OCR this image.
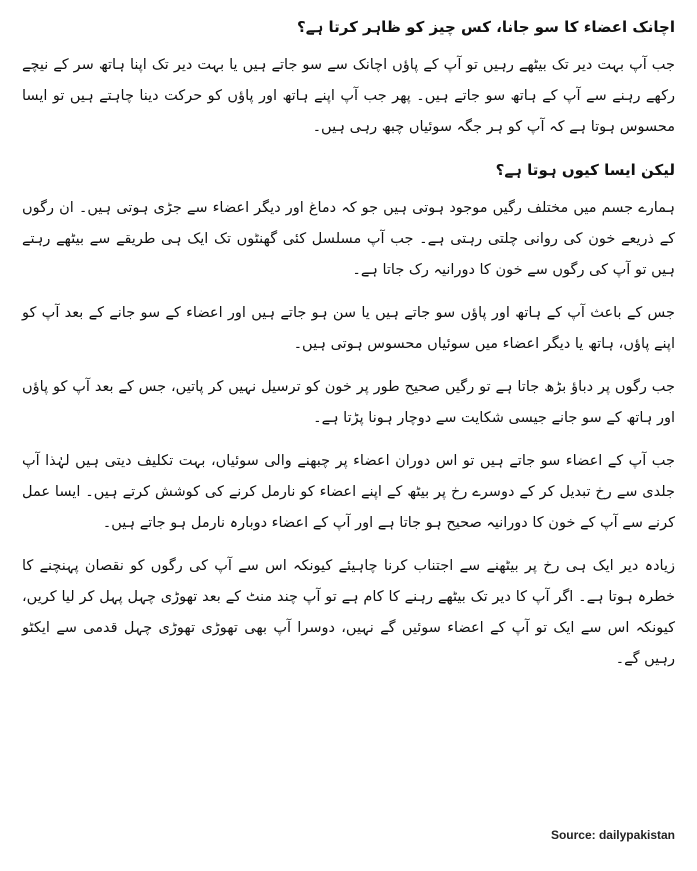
اچانک اعضاء کا سو جانا، کس چیز کو ظاہر کرتا ہے؟
جب آپ بہت دیر تک بیٹھے رہیں تو آپ کے پاؤں اچانک سے سو جاتے ہیں یا بہت دیر تک اپنا ہاتھ سر کے نیچے رکھے رہنے سے آپ کے ہاتھ سو جاتے ہیں۔ پھر جب آپ اپنے ہاتھ اور پاؤں کو حرکت دینا چاہتے ہیں تو ایسا محسوس ہوتا ہے کہ آپ کو ہر جگہ سوئیاں چبھ رہی ہیں۔
لیکن ایسا کیوں ہوتا ہے؟
ہمارے جسم میں مختلف رگیں موجود ہوتی ہیں جو کہ دماغ اور دیگر اعضاء سے جڑی ہوتی ہیں۔ ان رگوں کے ذریعے خون کی روانی چلتی رہتی ہے۔ جب آپ مسلسل کئی گھنٹوں تک ایک ہی طریقے سے بیٹھے رہتے ہیں تو آپ کی رگوں سے خون کا دورانیہ رک جاتا ہے۔
جس کے باعث آپ کے ہاتھ اور پاؤں سو جاتے ہیں یا سن ہو جاتے ہیں اور اعضاء کے سو جانے کے بعد آپ کو اپنے پاؤں، ہاتھ یا دیگر اعضاء میں سوئیاں محسوس ہوتی ہیں۔
جب رگوں پر دباؤ بڑھ جاتا ہے تو رگیں صحیح طور پر خون کو ترسیل نہیں کر پاتیں، جس کے بعد آپ کو پاؤں اور ہاتھ کے سو جانے جیسی شکایت سے دوچار ہونا پڑتا ہے۔
جب آپ کے اعضاء سو جاتے ہیں تو اس دوران اعضاء پر چبھنے والی سوئیاں، بہت تکلیف دیتی ہیں لہٰذا آپ جلدی سے رخ تبدیل کر کے دوسرے رخ پر بیٹھ کے اپنے اعضاء کو نارمل کرنے کی کوشش کرتے ہیں۔ ایسا عمل کرنے سے آپ کے خون کا دورانیہ صحیح ہو جاتا ہے اور آپ کے اعضاء دوبارہ نارمل ہو جاتے ہیں۔
زیادہ دیر ایک ہی رخ پر بیٹھنے سے اجتناب کرنا چاہیئے کیونکہ اس سے آپ کی رگوں کو نقصان پہنچنے کا خطرہ ہوتا ہے۔ اگر آپ کا دیر تک بیٹھے رہنے کا کام ہے تو آپ چند منٹ کے بعد تھوڑی چہل پہل کر لیا کریں، کیونکہ اس سے ایک تو آپ کے اعضاء سوئیں گے نہیں، دوسرا آپ بھی تھوڑی تھوڑی چہل قدمی سے ایکٹو رہیں گے۔
Source: dailypakistan
